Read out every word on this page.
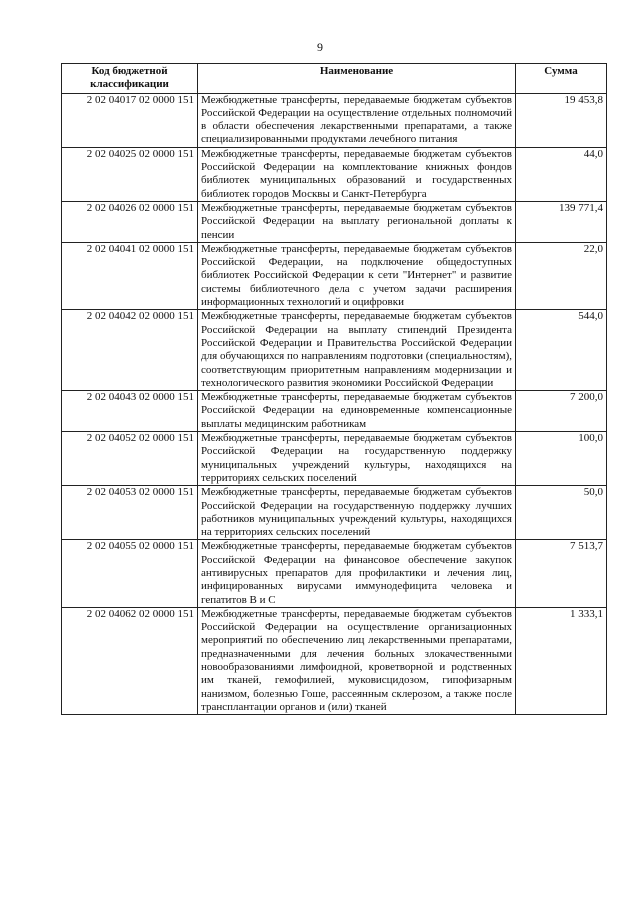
9
Код бюджетной классификации	Наименование	Сумма
2 02 04017 02 0000 151	Межбюджетные трансферты, передаваемые бюджетам субъектов Российской Федерации на осуществление отдельных полномочий в области обеспечения лекарственными препаратами, а также специализированными продуктами лечебного питания	19 453,8
2 02 04025 02 0000 151	Межбюджетные трансферты, передаваемые бюджетам субъектов Российской Федерации на комплектование книжных фондов библиотек муниципальных образований и государственных библиотек городов Москвы и Санкт-Петербурга	44,0
2 02 04026 02 0000 151	Межбюджетные трансферты, передаваемые бюджетам субъектов Российской Федерации на выплату региональной доплаты к пенсии	139 771,4
2 02 04041 02 0000 151	Межбюджетные трансферты, передаваемые бюджетам субъектов Российской Федерации, на подключение общедоступных библиотек Российской Федерации к сети "Интернет" и развитие системы библиотечного дела с учетом задачи расширения информационных технологий и оцифровки	22,0
2 02 04042 02 0000 151	Межбюджетные трансферты, передаваемые бюджетам субъектов Российской Федерации на выплату стипендий Президента Российской Федерации и Правительства Российской Федерации для обучающихся по направлениям подготовки (специальностям), соответствующим приоритетным направлениям модернизации и технологического развития экономики Российской Федерации	544,0
2 02 04043 02 0000 151	Межбюджетные трансферты, передаваемые бюджетам субъектов Российской Федерации на единовременные компенсационные выплаты медицинским работникам	7 200,0
2 02 04052 02 0000 151	Межбюджетные трансферты, передаваемые бюджетам субъектов Российской Федерации на государственную поддержку муниципальных учреждений культуры, находящихся на территориях сельских поселений	100,0
2 02 04053 02 0000 151	Межбюджетные трансферты, передаваемые бюджетам субъектов Российской Федерации на государственную поддержку лучших работников муниципальных учреждений культуры, находящихся на территориях сельских поселений	50,0
2 02 04055 02 0000 151	Межбюджетные трансферты, передаваемые бюджетам субъектов Российской Федерации на финансовое обеспечение закупок антивирусных препаратов для профилактики и лечения лиц, инфицированных вирусами иммунодефицита человека и гепатитов В и С	7 513,7
2 02 04062 02 0000 151	Межбюджетные трансферты, передаваемые бюджетам субъектов Российской Федерации на осуществление организационных мероприятий по обеспечению лиц лекарственными препаратами, предназначенными для лечения больных злокачественными новообразованиями лимфоидной, кроветворной и родственных им тканей, гемофилией, муковисцидозом, гипофизарным нанизмом, болезнью Гоше, рассеянным склерозом, а также после трансплантации органов и (или) тканей	1 333,1
